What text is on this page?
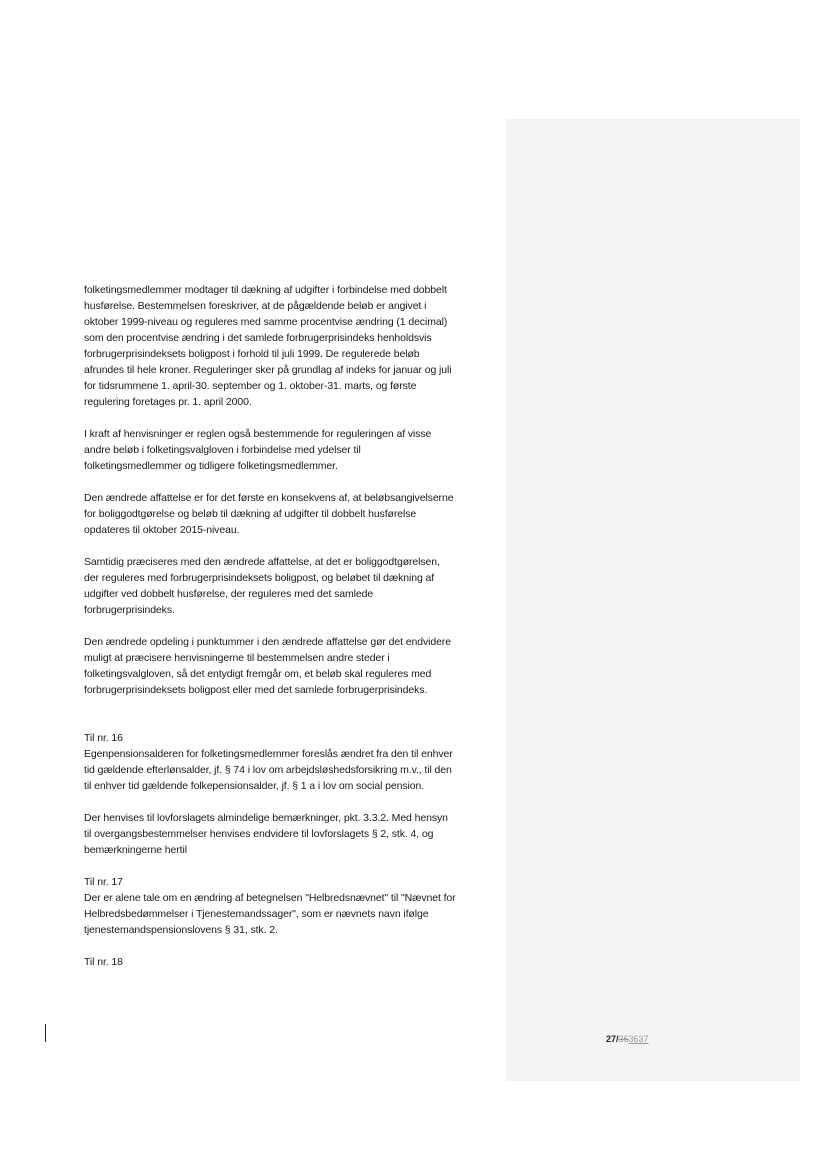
folketingsmedlemmer modtager til dækning af udgifter i forbindelse med dobbelt
husførelse. Bestemmelsen foreskriver, at de pågældende beløb er angivet i
oktober 1999-niveau og reguleres med samme procentvise ændring (1 decimal)
som den procentvise ændring i det samlede forbrugerprisindeks henholdsvis
forbrugerprisindeksets boligpost i forhold til juli 1999. De regulerede beløb
afrundes til hele kroner. Reguleringer sker på grundlag af indeks for januar og juli
for tidsrummene 1. april-30. september og 1. oktober-31. marts, og første
regulering foretages pr. 1. april 2000.

I kraft af henvisninger er reglen også bestemmende for reguleringen af visse
andre beløb i folketingsvalgloven i forbindelse med ydelser til
folketingsmedlemmer og tidligere folketingsmedlemmer.

Den ændrede affattelse er for det første en konsekvens af, at beløbsangivelserne
for boliggodtgørelse og beløb til dækning af udgifter til dobbelt husførelse
opdateres til oktober 2015-niveau.

Samtidig præciseres med den ændrede affattelse, at det er boliggodtgørelsen,
der reguleres med forbrugerprisindeksets boligpost, og beløbet til dækning af
udgifter ved dobbelt husførelse, der reguleres med det samlede
forbrugerprisindeks.

Den ændrede opdeling i punktummer i den ændrede affattelse gør det endvidere
muligt at præcisere henvisningerne til bestemmelsen andre steder i
folketingsvalgloven, så det entydigt fremgår om, et beløb skal reguleres med
forbrugerprisindeksets boligpost eller med det samlede forbrugerprisindeks.

Til nr. 16
Egenpensionsalderen for folketingsmedlemmer foreslås ændret fra den til enhver
tid gældende efterlønsalder, jf. § 74 i lov om arbejdsløshedsforsikring m.v., til den
til enhver tid gældende folkepensionsalder, jf. § 1 a i lov om social pension.

Der henvises til lovforslagets almindelige bemærkninger, pkt. 3.3.2. Med hensyn
til overgangsbestemmelser henvises endvidere til lovforslagets § 2, stk. 4, og
bemærkningerne hertil

Til nr. 17
Der er alene tale om en ændring af betegnelsen "Helbredsnævnet" til "Nævnet for
Helbredsbedømmelser i Tjenestemandssager", som er nævnets navn ifølge
tjenestemandspensionslovens § 31, stk. 2.

Til nr. 18

27/363637
